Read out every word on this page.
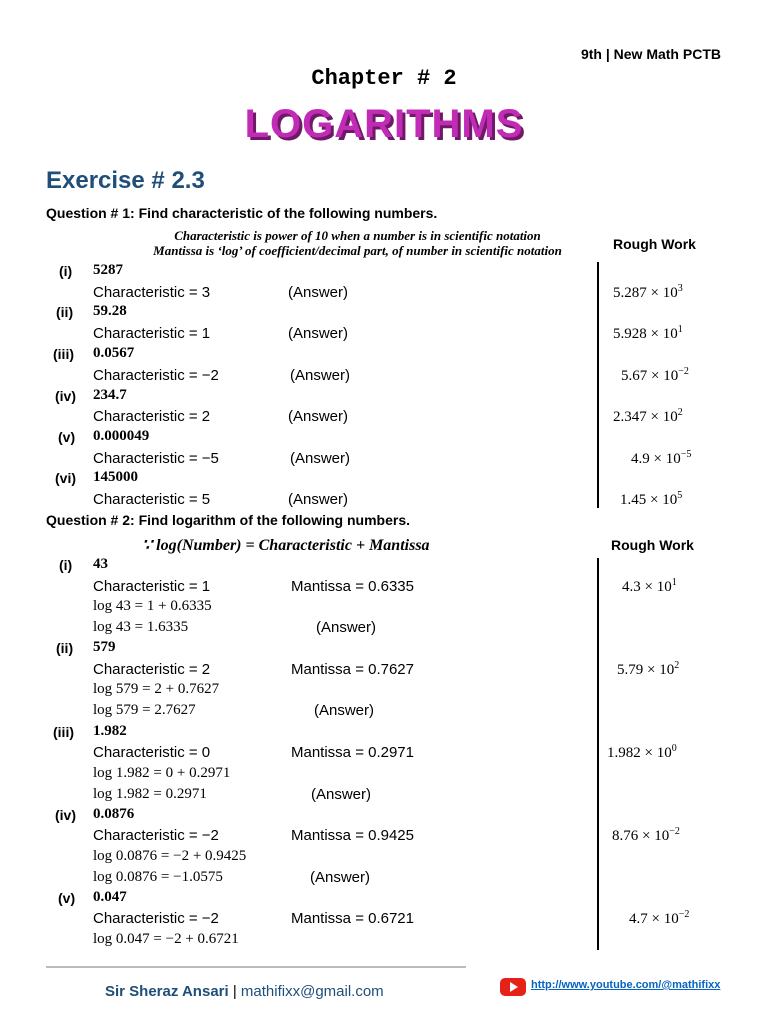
9th | New Math PCTB
Chapter # 2
LOGARITHMS
Exercise # 2.3
Question # 1: Find characteristic of the following numbers.
Characteristic is power of 10 when a number is in scientific notation
Mantissa is ‘log’ of coefficient/decimal part, of number in scientific notation	Rough Work
(i) 5287
Characteristic = 3	(Answer)	$5.287 \times 10^3$
(ii) 59.28
Characteristic = 1	(Answer)	$5.928 \times 10^1$
(iii) 0.0567
Characteristic = −2	(Answer)	$5.67 \times 10^{-2}$
(iv) 234.7
Characteristic = 2	(Answer)	$2.347 \times 10^2$
(v) 0.000049
Characteristic = −5	(Answer)	$4.9 \times 10^{-5}$
(vi) 145000
Characteristic = 5	(Answer)	$1.45 \times 10^5$
Question # 2: Find logarithm of the following numbers.
∵ log(Number) = Characteristic + Mantissa	Rough Work
(i) 43
Characteristic = 1	Mantissa = 0.6335
log 43 = 1 + 0.6335
log 43 = 1.6335	(Answer)
$4.3 \times 10^1$
(ii) 579
Characteristic = 2	Mantissa = 0.7627
log 579 = 2 + 0.7627
log 579 = 2.7627	(Answer)
$5.79 \times 10^2$
(iii) 1.982
Characteristic = 0	Mantissa = 0.2971
log 1.982 = 0 + 0.2971
log 1.982 = 0.2971	(Answer)
$1.982 \times 10^0$
(iv) 0.0876
Characteristic = −2	Mantissa = 0.9425
log 0.0876 = −2 + 0.9425
log 0.0876 = −1.0575	(Answer)
$8.76 \times 10^{-2}$
(v) 0.047
Characteristic = −2	Mantissa = 0.6721
log 0.047 = −2 + 0.6721
$4.7 \times 10^{-2}$
Sir Sheraz Ansari | mathifixx@gmail.com	http://www.youtube.com/@mathifixx
